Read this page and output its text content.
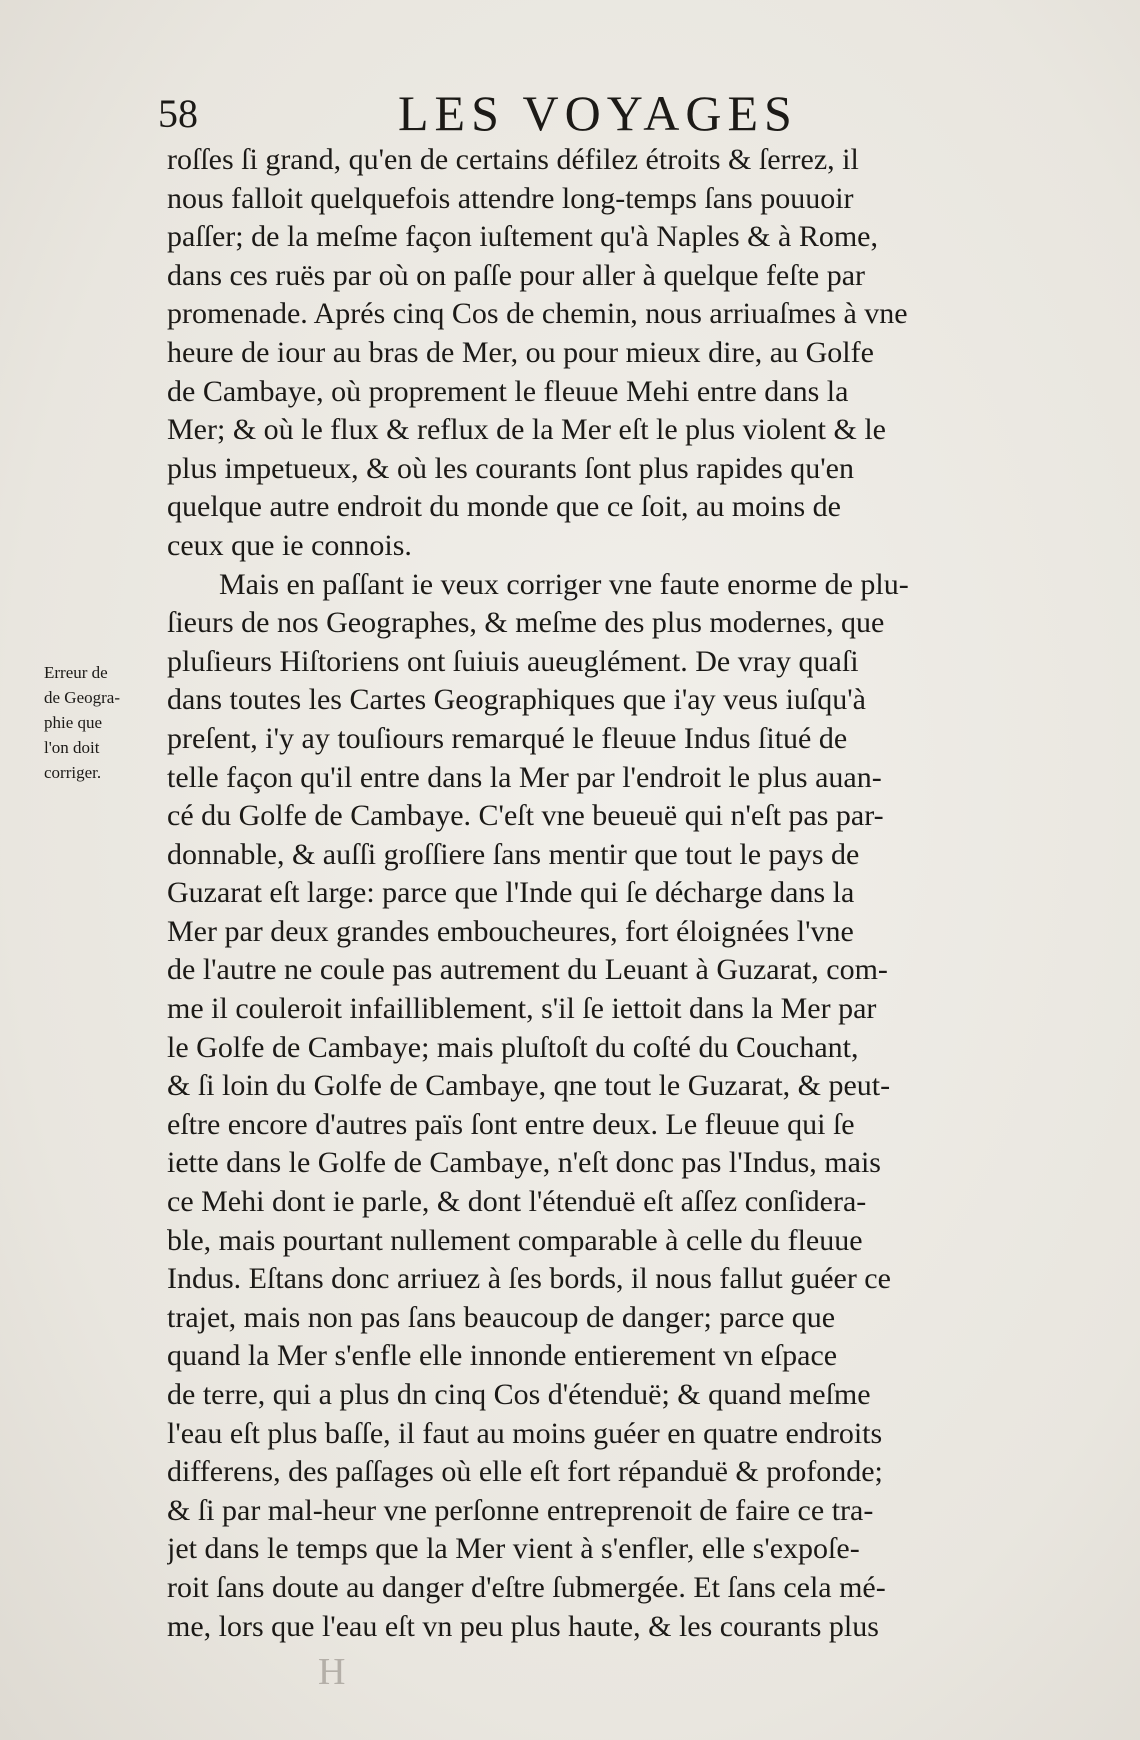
58	LES VOYAGES
Erreur de
de Geogra-
phie que
l'on doit
corriger.
roſſes ſi grand, qu'en de certains défilez étroits & ſerrez, il
nous falloit quelquefois attendre long-temps ſans pouuoir
paſſer; de la meſme façon iuſtement qu'à Naples & à Rome,
dans ces ruës par où on paſſe pour aller à quelque feſte par
promenade. Aprés cinq Cos de chemin, nous arriuaſmes à vne
heure de iour au bras de Mer, ou pour mieux dire, au Golfe
de Cambaye, où proprement le fleuue Mehi entre dans la
Mer; & où le flux & reflux de la Mer eſt le plus violent & le
plus impetueux, & où les courants ſont plus rapides qu'en
quelque autre endroit du monde que ce ſoit, au moins de
ceux que ie connois.
Mais en paſſant ie veux corriger vne faute enorme de plu-
ſieurs de nos Geographes, & meſme des plus modernes, que
pluſieurs Hiſtoriens ont ſuiuis aueuglément. De vray quaſi
dans toutes les Cartes Geographiques que i'ay veus iuſqu'à
preſent, i'y ay touſiours remarqué le fleuue Indus ſitué de
telle façon qu'il entre dans la Mer par l'endroit le plus auan-
cé du Golfe de Cambaye. C'eſt vne beueuë qui n'eſt pas par-
donnable, & auſſi groſſiere ſans mentir que tout le pays de
Guzarat eſt large: parce que l'Inde qui ſe décharge dans la
Mer par deux grandes emboucheures, fort éloignées l'vne
de l'autre ne coule pas autrement du Leuant à Guzarat, com-
me il couleroit infailliblement, s'il ſe iettoit dans la Mer par
le Golfe de Cambaye; mais pluſtoſt du coſté du Couchant,
& ſi loin du Golfe de Cambaye, qne tout le Guzarat, & peut-
eſtre encore d'autres païs ſont entre deux. Le fleuue qui ſe
iette dans le Golfe de Cambaye, n'eſt donc pas l'Indus, mais
ce Mehi dont ie parle, & dont l'étenduë eſt aſſez conſidera-
ble, mais pourtant nullement comparable à celle du fleuue
Indus. Eſtans donc arriuez à ſes bords, il nous fallut guéer ce
trajet, mais non pas ſans beaucoup de danger; parce que
quand la Mer s'enfle elle innonde entierement vn eſpace
de terre, qui a plus dn cinq Cos d'étenduë; & quand meſme
l'eau eſt plus baſſe, il faut au moins guéer en quatre endroits
differens, des paſſages où elle eſt fort répanduë & profonde;
& ſi par mal-heur vne perſonne entreprenoit de faire ce tra-
jet dans le temps que la Mer vient à s'enfler, elle s'expoſe-
roit ſans doute au danger d'eſtre ſubmergée. Et ſans cela mé-
me, lors que l'eau eſt vn peu plus haute, & les courants plus
H
